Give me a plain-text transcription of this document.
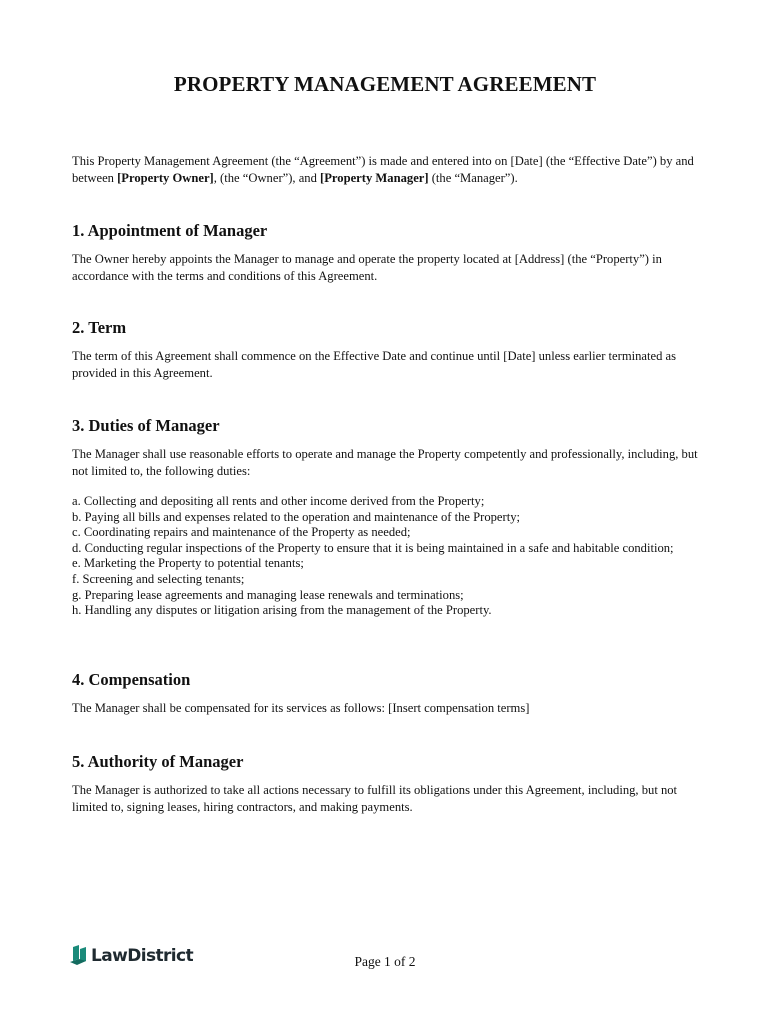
PROPERTY MANAGEMENT AGREEMENT

This Property Management Agreement (the “Agreement”) is made and entered into on [Date] (the “Effective Date”) by and between [Property Owner], (the “Owner”), and [Property Manager] (the “Manager”).

1. Appointment of Manager

The Owner hereby appoints the Manager to manage and operate the property located at [Address] (the “Property”) in accordance with the terms and conditions of this Agreement.

2. Term

The term of this Agreement shall commence on the Effective Date and continue until [Date] unless earlier terminated as provided in this Agreement.

3. Duties of Manager

The Manager shall use reasonable efforts to operate and manage the Property competently and professionally, including, but not limited to, the following duties:

a. Collecting and depositing all rents and other income derived from the Property;
b. Paying all bills and expenses related to the operation and maintenance of the Property;
c. Coordinating repairs and maintenance of the Property as needed;
d. Conducting regular inspections of the Property to ensure that it is being maintained in a safe and habitable condition;
e. Marketing the Property to potential tenants;
f. Screening and selecting tenants;
g. Preparing lease agreements and managing lease renewals and terminations;
h. Handling any disputes or litigation arising from the management of the Property.
4. Compensation

The Manager shall be compensated for its services as follows: [Insert compensation terms]

5. Authority of Manager

The Manager is authorized to take all actions necessary to fulfill its obligations under this Agreement, including, but not limited to, signing leases, hiring contractors, and making payments.

LawDistrict	Page 1 of 2
